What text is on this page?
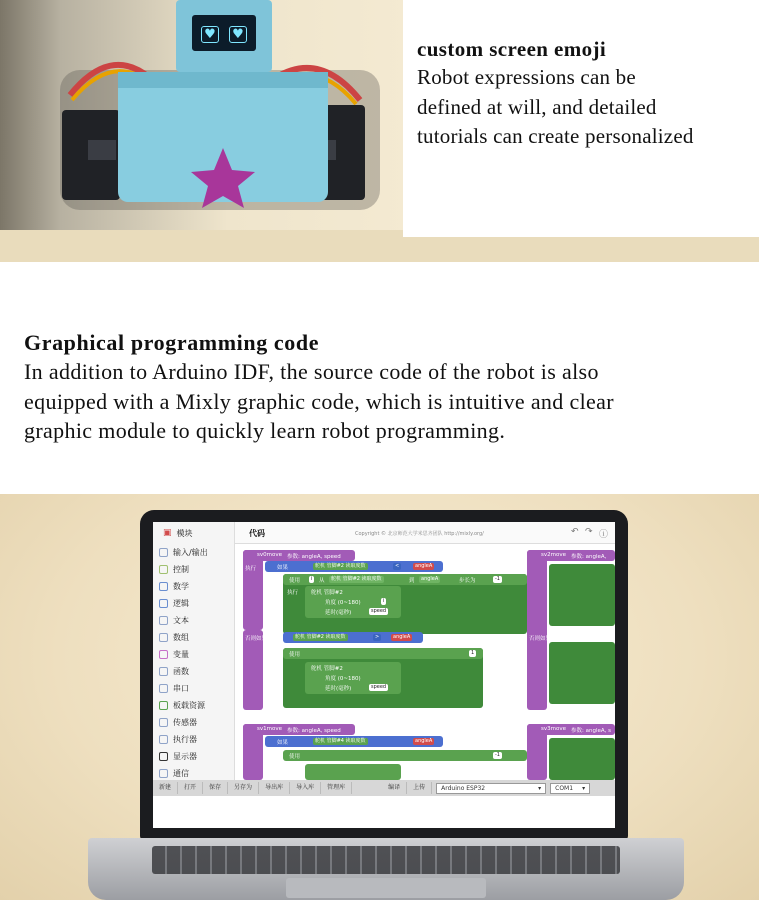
♥ ♥
custom screen emoji
Robot expressions can be
defined at will, and detailed
tutorials can create personalized
Graphical programming code
In addition to Arduino IDF, the source code of the robot is also
equipped with a Mixly graphic code, which is intuitive and clear
graphic module to quickly learn robot programming.
▣ 模块
输入/输出
控制
数学
逻辑
文本
数组
变量
函数
串口
板载资源
传感器
执行器
显示器
通信
代码	Copyright © 北京师范大学米思齐团队 http://mixly.org/	↶ ↷ ⓘ
sv0move 参数: angleA, speed
执行	如果	舵机 管脚#2 读取度数	<	angleA
使用	i	从	舵机 管脚#2 读取度数	到	angleA	步长为	-1
执行 舵机 管脚#2
角度 (0~180)	i
延时(毫秒)	speed
否则如果	舵机 管脚#2 读取度数	>	angleA
使用	1
舵机 管脚#2
角度 (0~180)
延时(毫秒)	speed
sv1move 参数: angleA, speed
如果	舵机 管脚#4 读取度数	angleA
使用	-1
sv2move 参数: angleA,
否则如果
sv3move 参数: angleA, s
新建	打开	保存	另存为	导出库	导入库	管理库	编译	上传	Arduino ESP32	▾	COM1 ▾
